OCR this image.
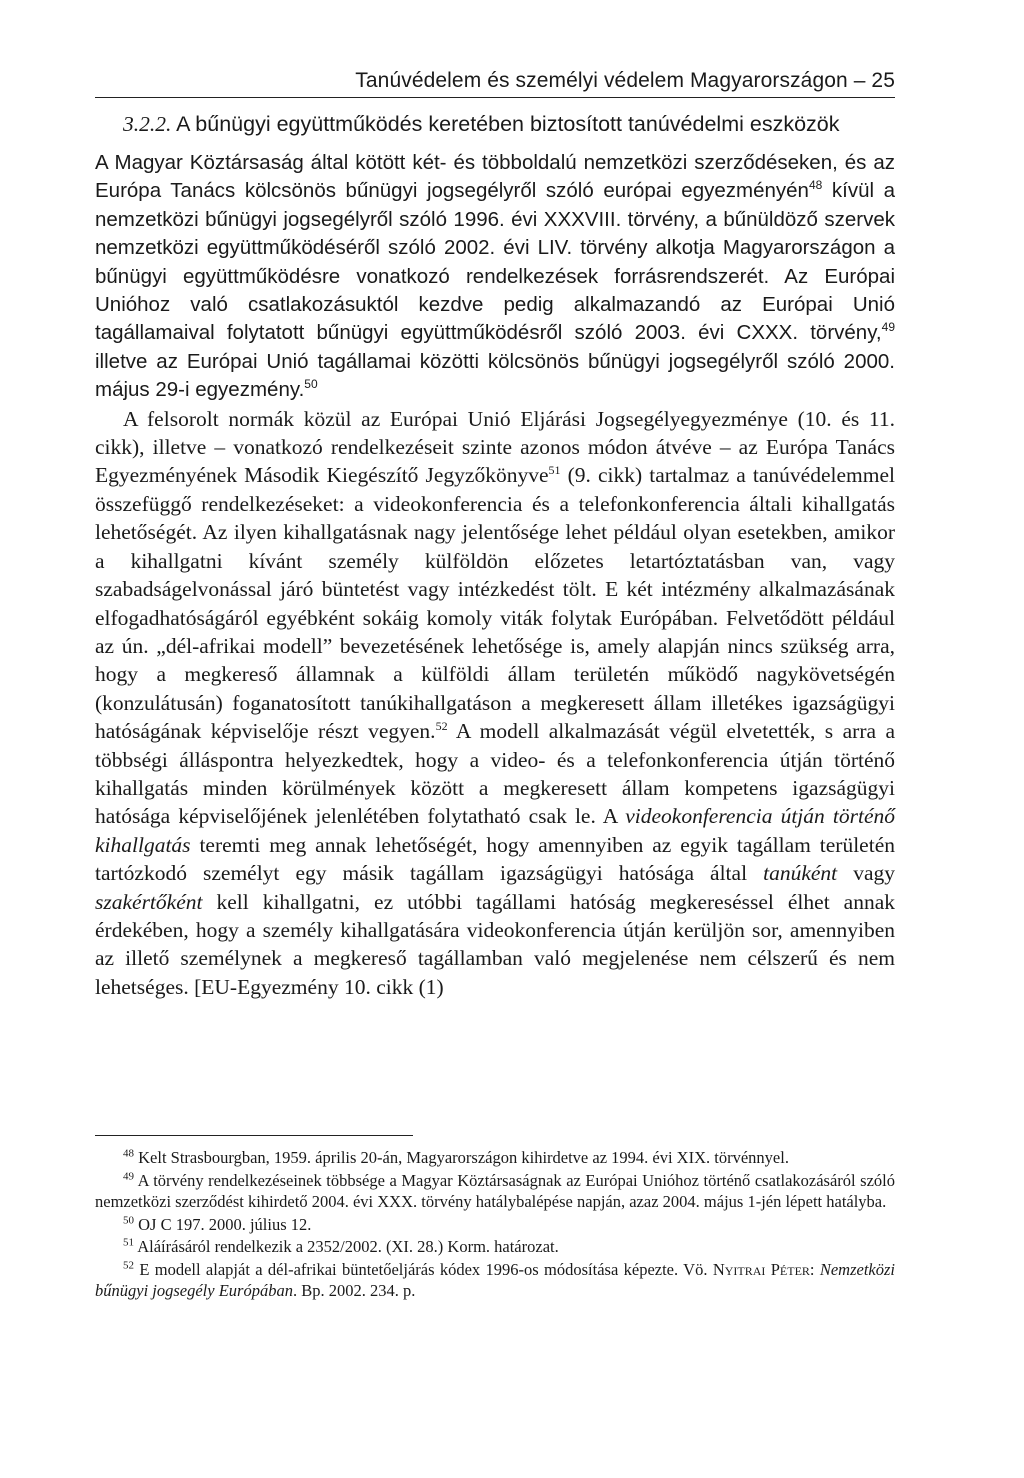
Tanúvédelem és személyi védelem Magyarországon – 25
3.2.2. A bűnügyi együttműködés keretében biztosított tanúvédelmi eszközök

A Magyar Köztársaság által kötött két- és többoldalú nemzetközi szerződéseken, és az Európa Tanács kölcsönös bűnügyi jogsegélyről szóló európai egyezményén$^{48}$ kívül a nemzetközi bűnügyi jogsegélyről szóló 1996. évi XXXVIII. törvény, a bűnüldöző szervek nemzetközi együttműködéséről szóló 2002. évi LIV. törvény alkotja Magyarországon a bűnügyi együttműködésre vonatkozó rendelkezések forrásrendszerét. Az Európai Unióhoz való csatlakozásuktól kezdve pedig alkalmazandó az Európai Unió tagállamaival folytatott bűnügyi együttműködésről szóló 2003. évi CXXX. törvény,$^{49}$ illetve az Európai Unió tagállamai közötti kölcsönös bűnügyi jogsegélyről szóló 2000. május 29-i egyezmény.$^{50}$

A felsorolt normák közül az Európai Unió Eljárási Jogsegélyegyezménye (10. és 11. cikk), illetve – vonatkozó rendelkezéseit szinte azonos módon átvéve – az Európa Tanács Egyezményének Második Kiegészítő Jegyzőkönyve$^{51}$ (9. cikk) tartalmaz a tanúvédelemmel összefüggő rendelkezéseket: a videokonferencia és a telefonkonferencia általi kihallgatás lehetőségét. Az ilyen kihallgatásnak nagy jelentősége lehet például olyan esetekben, amikor a kihallgatni kívánt személy külföldön előzetes letartóztatásban van, vagy szabadságelvonással járó büntetést vagy intézkedést tölt. E két intézmény alkalmazásának elfogadhatóságáról egyébként sokáig komoly viták folytak Európában. Felvetődött például az ún. „dél-afrikai modell” bevezetésének lehetősége is, amely alapján nincs szükség arra, hogy a megkereső államnak a külföldi állam területén működő nagykövetségén (konzulátusán) foganatosított tanúkihallgatáson a megkeresett állam illetékes igazságügyi hatóságának képviselője részt vegyen.$^{52}$ A modell alkalmazását végül elvetették, s arra a többségi álláspontra helyezkedtek, hogy a video- és a telefonkonferencia útján történő kihallgatás minden körülmények között a megkeresett állam kompetens igazságügyi hatósága képviselőjének jelenlétében folytatható csak le. A videokonferencia útján történő kihallgatás teremti meg annak lehetőségét, hogy amennyiben az egyik tagállam területén tartózkodó személyt egy másik tagállam igazságügyi hatósága által tanúként vagy szakértőként kell kihallgatni, ez utóbbi tagállami hatóság megkereséssel élhet annak érdekében, hogy a személy kihallgatására videokonferencia útján kerüljön sor, amennyiben az illető személynek a megkereső tagállamban való megjelenése nem célszerű és nem lehetséges. [EU-Egyezmény 10. cikk (1)

$^{48}$ Kelt Strasbourgban, 1959. április 20-án, Magyarországon kihirdetve az 1994. évi XIX. törvénnyel.

$^{49}$ A törvény rendelkezéseinek többsége a Magyar Köztársaságnak az Európai Unióhoz történő csatlakozásáról szóló nemzetközi szerződést kihirdető 2004. évi XXX. törvény hatálybalépése napján, azaz 2004. május 1-jén lépett hatályba.

$^{50}$ OJ C 197. 2000. július 12.

$^{51}$ Aláírásáról rendelkezik a 2352/2002. (XI. 28.) Korm. határozat.

$^{52}$ E modell alapját a dél-afrikai büntetőeljárás kódex 1996-os módosítása képezte. Vö. Nyitrai Péter: Nemzetközi bűnügyi jogsegély Európában. Bp. 2002. 234. p.
